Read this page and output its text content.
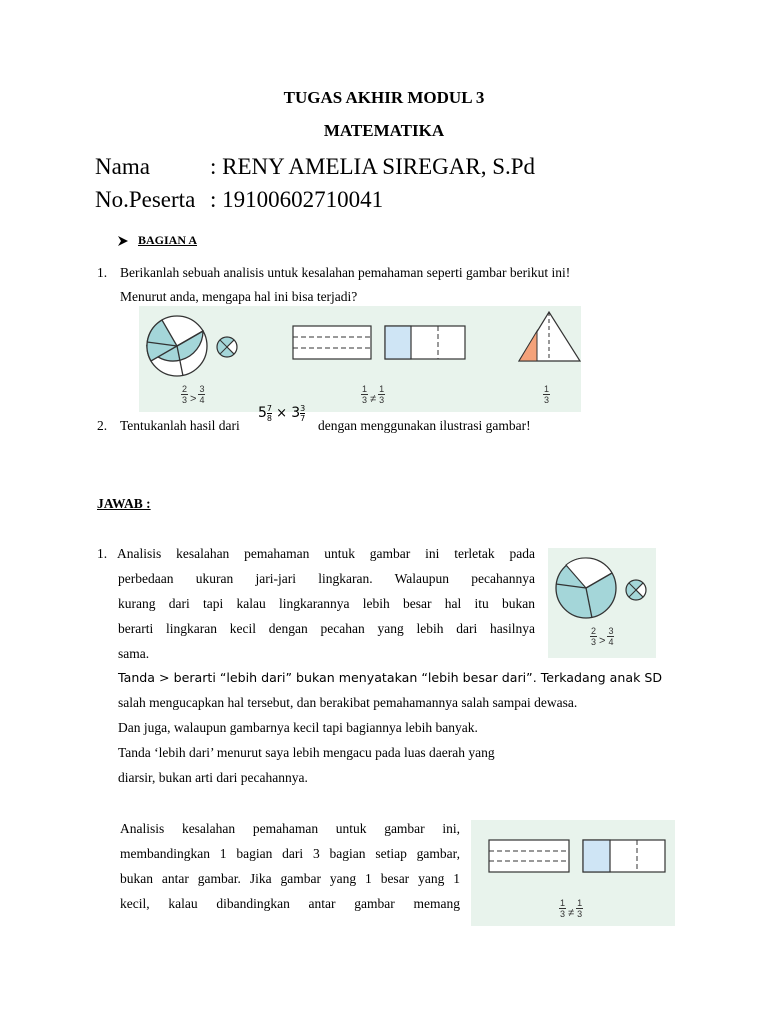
TUGAS AKHIR MODUL 3
MATEMATIKA
Nama	: RENY AMELIA SIREGAR, S.Pd
No.Peserta : 19100602710041
BAGIAN A
1. Berikanlah sebuah analisis untuk kesalahan pemahaman seperti gambar berikut ini!
Menurut anda, mengapa hal ini bisa terjadi?
$\frac{2}{3} > \frac{3}{4}$	$\frac{1}{3} \ne \frac{1}{3}$	$\frac{1}{3}$
2. Tentukanlah hasil dari
$5 \frac{7}{8} \times 3 \frac{3}{7}$
dengan menggunakan ilustrasi gambar!
JAWAB :
1. Analisis kesalahan pemahaman untuk gambar ini terletak pada
perbedaan ukuran jari-jari lingkaran. Walaupun pecahannya
kurang dari tapi kalau lingkarannya lebih besar hal itu bukan
berarti lingkaran kecil dengan pecahan yang lebih dari hasilnya
sama.
$\frac{2}{3} > \frac{3}{4}$
Tanda > berarti “lebih dari” bukan menyatakan “lebih besar dari”. Terkadang anak SD
salah mengucapkan hal tersebut, dan berakibat pemahamannya salah sampai dewasa.
Dan juga, walaupun gambarnya kecil tapi bagiannya lebih banyak.
Tanda ‘lebih dari’ menurut saya lebih mengacu pada luas daerah yang
diarsir, bukan arti dari pecahannya.
Analisis kesalahan pemahaman untuk gambar ini,
membandingkan 1 bagian dari 3 bagian setiap gambar,
bukan antar gambar. Jika gambar yang 1 besar yang 1
kecil, kalau dibandingkan antar gambar memang	$\frac{1}{3} \ne \frac{1}{3}$
